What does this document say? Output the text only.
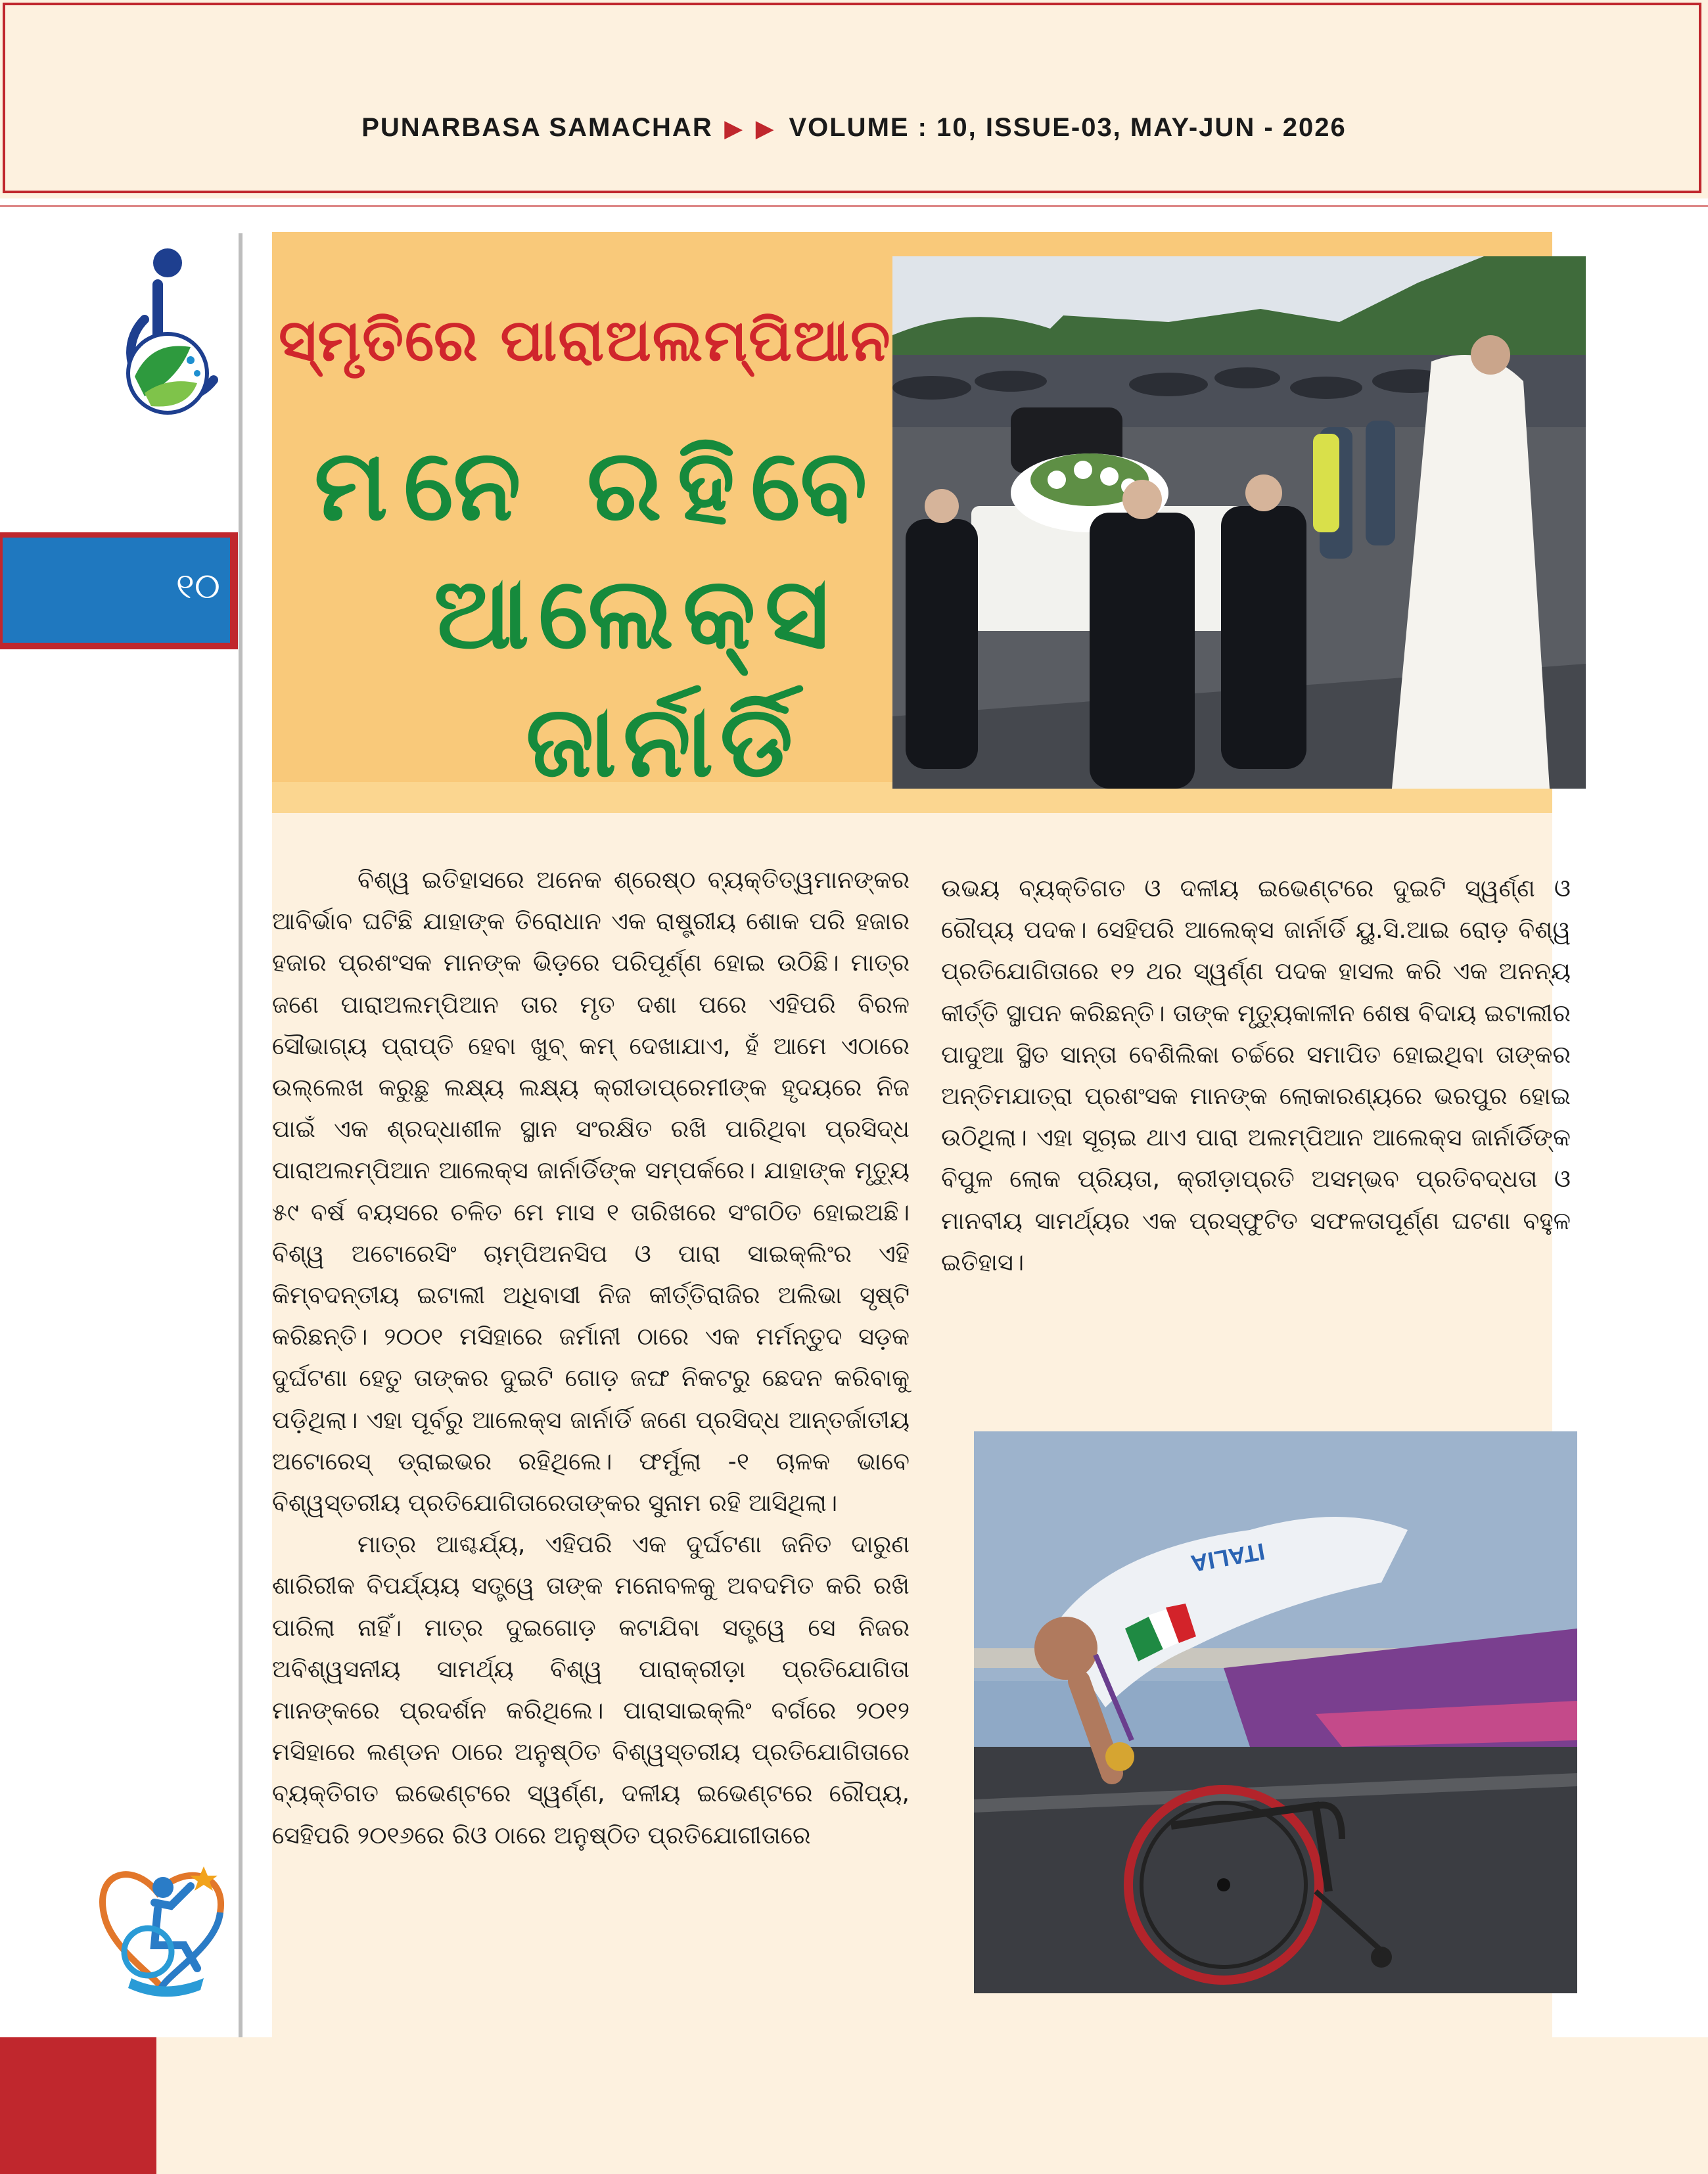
PUNARBASA SAMACHAR ▶ ▶ VOLUME : 10, ISSUE-03, MAY-JUN - 2026
୧୦
ସ୍ମୃତିରେ ପାରାଅଲମ୍ପିଆନ
ମନେ ରହିବେ
ଆଲେକ୍ସ
ଜାର୍ନାର୍ଡି

ବିଶ୍ୱ ଇତିହାସରେ ଅନେକ ଶ୍ରେଷ୍ଠ ବ୍ୟକ୍ତିତ୍ୱମାନଙ୍କର ଆବିର୍ଭାବ ଘଟିଛି ଯାହାଙ୍କ ତିରୋଧାନ ଏକ ରାଷ୍ଟ୍ରୀୟ ଶୋକ ପରି ହଜାର ହଜାର ପ୍ରଶଂସକ ମାନଙ୍କ ଭିଡ଼ରେ ପରିପୂର୍ଣ୍ଣ ହୋଇ ଉଠିଛି। ମାତ୍ର ଜଣେ ପାରାଅଲମ୍ପିଆନ ତାର ମୃତ ଦଶା ପରେ ଏହିପରି ବିରଳ ସୌଭାଗ୍ୟ ପ୍ରାପ୍ତି ହେବା ଖୁବ୍ କମ୍ ଦେଖାଯାଏ, ହଁ ଆମେ ଏଠାରେ ଉଲ୍ଲେଖ କରୁଛୁ ଲକ୍ଷ୍ୟ ଲକ୍ଷ୍ୟ କ୍ରୀଡାପ୍ରେମୀଙ୍କ ହୃଦୟରେ ନିଜ ପାଇଁ ଏକ ଶ୍ରଦ୍ଧାଶୀଳ ସ୍ଥାନ ସଂରକ୍ଷିତ ରଖି ପାରିଥିବା ପ୍ରସିଦ୍ଧ ପାରାଅଲମ୍ପିଆନ ଆଲେକ୍ସ ଜାର୍ନାର୍ଡିଙ୍କ ସମ୍ପର୍କରେ। ଯାହାଙ୍କ ମୃତ୍ୟୁ ୫୯ ବର୍ଷ ବୟସରେ ଚଳିତ ମେ ମାସ ୧ ତାରିଖରେ ସଂଗଠିତ ହୋଇଅଛି। ବିଶ୍ୱ ଅଟୋରେସିଂ ଚାମ୍ପିଅନସିପ ଓ ପାରା ସାଇକ୍ଲିଂର ଏହି କିମ୍ବଦନ୍ତୀୟ ଇଟାଲୀ ଅଧିବାସୀ ନିଜ କୀର୍ତ୍ତିରାଜିର ଅଲିଭା ସୃଷ୍ଟି କରିଛନ୍ତି। ୨୦୦୧ ମସିହାରେ ଜର୍ମାନୀ ଠାରେ ଏକ ମର୍ମନ୍ତୁଦ ସଡ଼କ ଦୁର୍ଘଟଣା ହେତୁ ତାଙ୍କର ଦୁଇଟି ଗୋଡ଼ ଜଙ୍ଘ ନିକଟରୁ ଛେଦନ କରିବାକୁ ପଡ଼ିଥିଲା। ଏହା ପୂର୍ବରୁ ଆଲେକ୍ସ ଜାର୍ନାର୍ଡି ଜଣେ ପ୍ରସିଦ୍ଧ ଆନ୍ତର୍ଜାତୀୟ ଅଟୋରେସ୍ ଡ୍ରାଇଭର ରହିଥିଲେ। ଫର୍ମୁଲା -୧ ଚାଳକ ଭାବେ ବିଶ୍ୱସ୍ତରୀୟ ପ୍ରତିଯୋଗିତାରେତାଙ୍କର ସୁନାମ ରହି ଆସିଥିଲା।

ମାତ୍ର ଆଶ୍ଚର୍ଯ୍ୟ, ଏହିପରି ଏକ ଦୁର୍ଘଟଣା ଜନିତ ଦାରୁଣ ଶାରିରୀକ ବିପର୍ଯ୍ୟୟ ସତ୍ତ୍ୱେ ତାଙ୍କ ମନୋବଳକୁ ଅବଦମିତ କରି ରଖି ପାରିଲା ନାହିଁ। ମାତ୍ର ଦୁଇଗୋଡ଼ କଟାଯିବା ସତ୍ତ୍ୱେ ସେ ନିଜର ଅବିଶ୍ୱସନୀୟ ସାମର୍ଥ୍ୟ ବିଶ୍ୱ ପାରାକ୍ରୀଡ଼ା ପ୍ରତିଯୋଗିତା ମାନଙ୍କରେ ପ୍ରଦର୍ଶନ କରିଥିଲେ। ପାରାସାଇକ୍ଲିଂ ବର୍ଗରେ ୨୦୧୨ ମସିହାରେ ଲଣ୍ଡନ ଠାରେ ଅନୁଷ୍ଠିତ ବିଶ୍ୱସ୍ତରୀୟ ପ୍ରତିଯୋଗିତାରେ ବ୍ୟକ୍ତିଗତ ଇଭେଣ୍ଟରେ ସ୍ୱର୍ଣ୍ଣ, ଦଳୀୟ ଇଭେଣ୍ଟରେ ରୌପ୍ୟ, ସେହିପରି ୨୦୧୬ରେ ରିଓ ଠାରେ ଅନୁଷ୍ଠିତ ପ୍ରତିଯୋଗୀତାରେ

ଉଭୟ ବ୍ୟକ୍ତିଗତ ଓ ଦଳୀୟ ଇଭେଣ୍ଟରେ ଦୁଇଟି ସ୍ୱର୍ଣ୍ଣ ଓ ରୌପ୍ୟ ପଦକ। ସେହିପରି ଆଲେକ୍ସ ଜାର୍ନାର୍ଡି ୟୁ.ସି.ଆଇ ରୋଡ଼ ବିଶ୍ୱ ପ୍ରତିଯୋଗିତାରେ ୧୨ ଥର ସ୍ୱର୍ଣ୍ଣ ପଦକ ହାସଲ କରି ଏକ ଅନନ୍ୟ କୀର୍ତ୍ତି ସ୍ଥାପନ କରିଛନ୍ତି। ତାଙ୍କ ମୃତ୍ୟୁକାଳୀନ ଶେଷ ବିଦାୟ ଇଟାଲୀର ପାଦୁଆ ସ୍ଥିତ ସାନ୍ତା ବେଶିଲିକା ଚର୍ଚ୍ଚରେ ସମାପିତ ହୋଇଥିବା ତାଙ୍କର ଅନ୍ତିମଯାତ୍ରା ପ୍ରଶଂସକ ମାନଙ୍କ ଲୋକାରଣ୍ୟରେ ଭରପୁର ହୋଇ ଉଠିଥିଲା। ଏହା ସୂଚାଇ ଥାଏ ପାରା ଅଲମ୍ପିଆନ ଆଲେକ୍ସ ଜାର୍ନାର୍ଡିଙ୍କ ବିପୁଳ ଲୋକ ପ୍ରିୟତା, କ୍ରୀଡ଼ାପ୍ରତି ଅସମ୍ଭବ ପ୍ରତିବଦ୍ଧତା ଓ ମାନବୀୟ ସାମର୍ଥ୍ୟର ଏକ ପ୍ରସ୍ଫୁଟିତ ସଫଳତାପୂର୍ଣ୍ଣ ଘଟଣା ବହୁଳ ଇତିହାସ।

ITALIA
